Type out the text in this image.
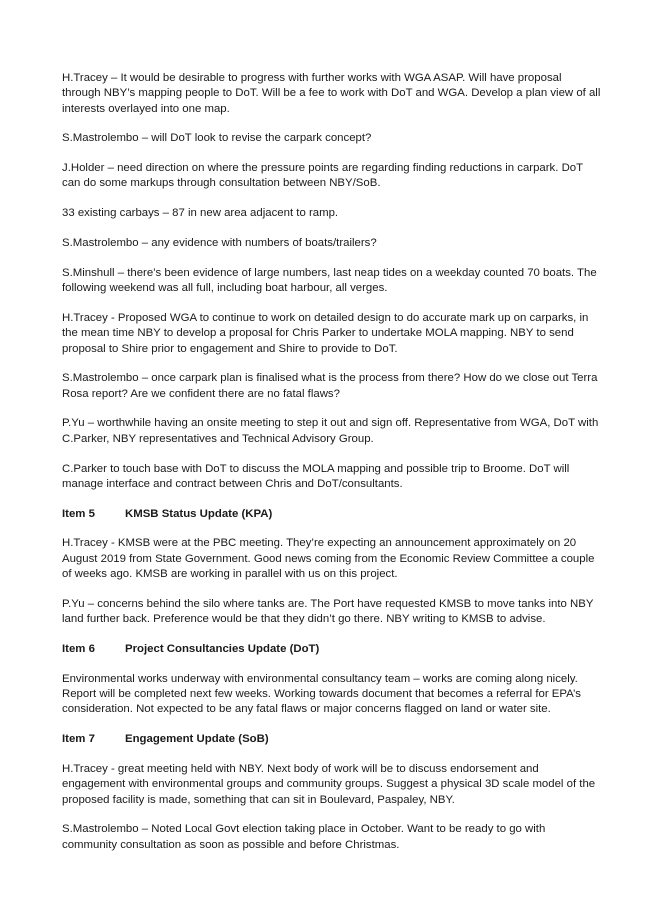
H.Tracey – It would be desirable to progress with further works with WGA ASAP. Will have proposal through NBY’s mapping people to DoT. Will be a fee to work with DoT and WGA. Develop a plan view of all interests overlayed into one map.

S.Mastrolembo – will DoT look to revise the carpark concept?

J.Holder – need direction on where the pressure points are regarding finding reductions in carpark. DoT can do some markups through consultation between NBY/SoB.

33 existing carbays – 87 in new area adjacent to ramp.

S.Mastrolembo – any evidence with numbers of boats/trailers?

S.Minshull – there’s been evidence of large numbers, last neap tides on a weekday counted 70 boats. The following weekend was all full, including boat harbour, all verges.

H.Tracey - Proposed WGA to continue to work on detailed design to do accurate mark up on carparks, in the mean time NBY to develop a proposal for Chris Parker to undertake MOLA mapping. NBY to send proposal to Shire prior to engagement and Shire to provide to DoT.

S.Mastrolembo – once carpark plan is finalised what is the process from there? How do we close out Terra Rosa report? Are we confident there are no fatal flaws?

P.Yu – worthwhile having an onsite meeting to step it out and sign off. Representative from WGA, DoT with C.Parker, NBY representatives and Technical Advisory Group.

C.Parker to touch base with DoT to discuss the MOLA mapping and possible trip to Broome. DoT will manage interface and contract between Chris and DoT/consultants.

Item 5	KMSB Status Update (KPA)

H.Tracey - KMSB were at the PBC meeting. They’re expecting an announcement approximately on 20 August 2019 from State Government. Good news coming from the Economic Review Committee a couple of weeks ago. KMSB are working in parallel with us on this project.

P.Yu – concerns behind the silo where tanks are. The Port have requested KMSB to move tanks into NBY land further back. Preference would be that they didn’t go there. NBY writing to KMSB to advise.

Item 6	Project Consultancies Update (DoT)

Environmental works underway with environmental consultancy team – works are coming along nicely. Report will be completed next few weeks. Working towards document that becomes a referral for EPA’s consideration. Not expected to be any fatal flaws or major concerns flagged on land or water site.

Item 7	Engagement Update (SoB)

H.Tracey - great meeting held with NBY. Next body of work will be to discuss endorsement and engagement with environmental groups and community groups. Suggest a physical 3D scale model of the proposed facility is made, something that can sit in Boulevard, Paspaley, NBY.

S.Mastrolembo – Noted Local Govt election taking place in October. Want to be ready to go with community consultation as soon as possible and before Christmas.
